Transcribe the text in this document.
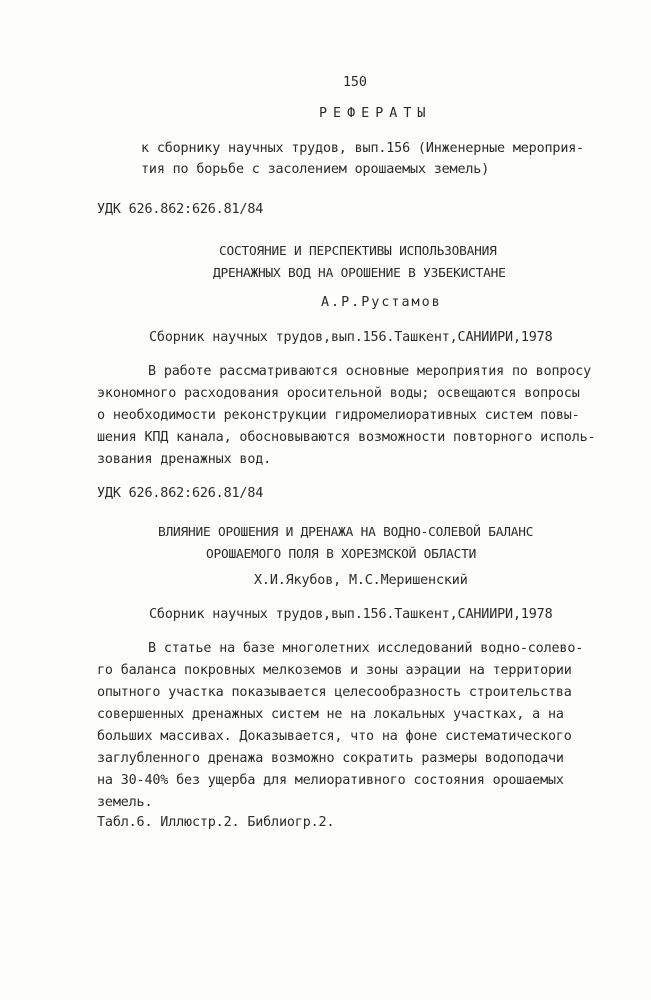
150
РЕФЕРАТЫ
к сборнику научных трудов, вып.156 (Инженерные мероприя-
тия по борьбе с засолением орошаемых земель)
УДК 626.862:626.81/84
СОСТОЯНИЕ И ПЕРСПЕКТИВЫ ИСПОЛЬЗОВАНИЯ
ДРЕНАЖНЫХ ВОД НА ОРОШЕНИЕ В УЗБЕКИСТАНЕ
А.Р.Рустамов
Сборник научных трудов,вып.156.Ташкент,САНИИРИ,1978
В работе рассматриваются основные мероприятия по вопросу
экономного расходования оросительной воды; освещаются вопросы
о необходимости реконструкции гидромелиоративных систем повы-
шения КПД канала, обосновываются возможности повторного исполь-
зования дренажных вод.
УДК 626.862:626.81/84
ВЛИЯНИЕ ОРОШЕНИЯ И ДРЕНАЖА НА ВОДНО-СОЛЕВОЙ БАЛАНС
ОРОШАЕМОГО ПОЛЯ В ХОРЕЗМСКОЙ ОБЛАСТИ
Х.И.Якубов, М.С.Меришенский
Сборник научных трудов,вып.156.Ташкент,САНИИРИ,1978
В статье на базе многолетних исследований водно-солево-
го баланса покровных мелкоземов и зоны аэрации на территории
опытного участка показывается целесообразность строительства
совершенных дренажных систем не на локальных участках, а на
больших массивах. Доказывается, что на фоне систематического
заглубленного дренажа возможно сократить размеры водоподачи
на 30-40% без ущерба для мелиоративного состояния орошаемых
земель.
Табл.6. Иллюстр.2. Библиогр.2.
